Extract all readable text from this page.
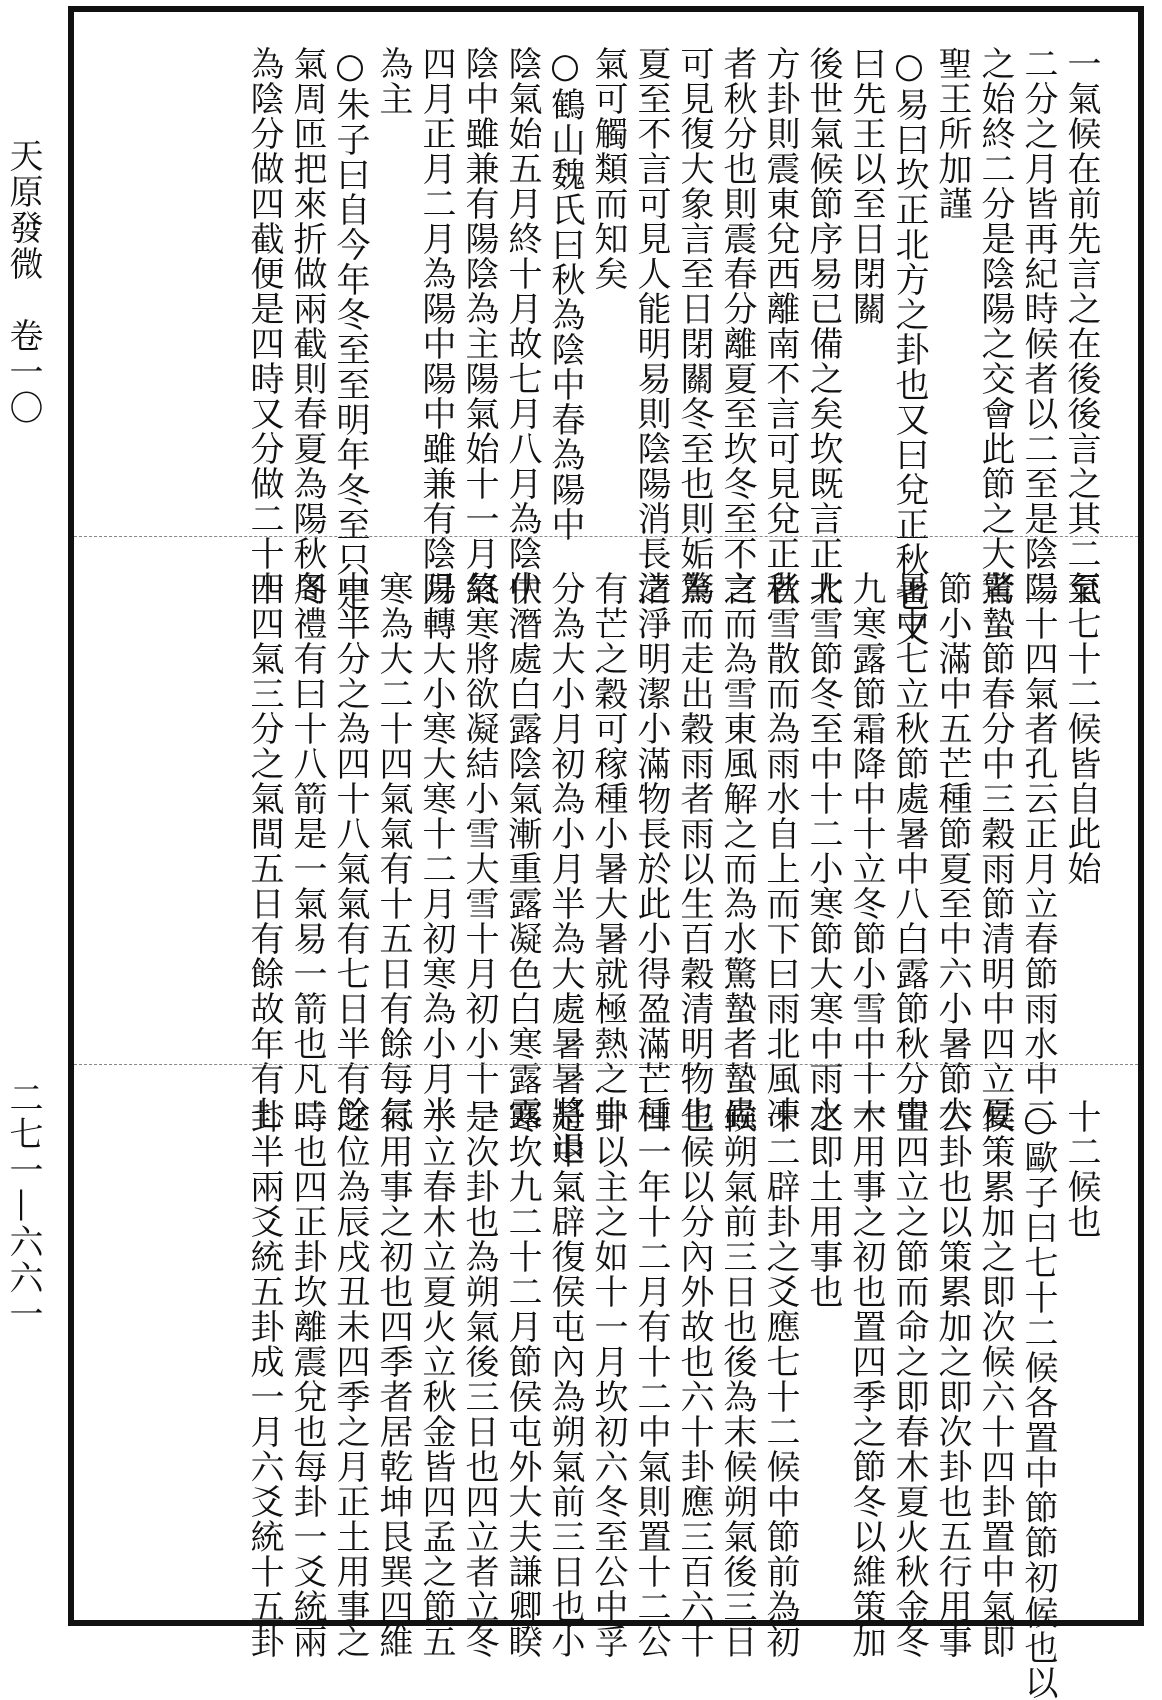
天原發微　卷一〇
二七一—六六一
一氣候在前先言之在後後言之其二至
二分之月皆再紀時候者以二至是陰陽
之始終二分是陰陽之交會此節之大者
聖王所加謹
○易曰坎正北方之卦也又曰兌正秋也又
曰先王以至日閉關
後世氣候節序易已備之矣坎既言正北
方卦則震東兌西離南不言可見兌正秋
者秋分也則震春分離夏至坎冬至不言
可見復大象言至日閉關冬至也則姤為
夏至不言可見人能明易則陰陽消長之
氣可觸類而知矣
○鶴山魏氏曰秋為陰中春為陽中
陰氣始五月終十月故七月八月為陰中
陰中雖兼有陽陰為主陽氣始十一月終
四月正月二月為陽中陽中雖兼有陰陽
為主
○朱子曰自今年冬至至明年冬至只是一
氣周匝把來折做兩截則春夏為陽秋冬
為陰分做四截便是四時又分做二十四
氣七十二候皆自此始
二十四氣者孔云正月立春節雨水中二
驚蟄節春分中三穀雨節清明中四立夏
節小滿中五芒種節夏至中六小暑節大
暑中七立秋節處暑中八白露節秋分中
九寒露節霜降中十立冬節小雪中十一
大雪節冬至中十二小寒節大寒中雨水
者雪散而為雨水自上而下曰雨北風凍
之而為雪東風解之而為水驚蟄者蟄蟲
驚而走出穀雨者雨以生百穀清明物生
清淨明潔小滿物長於此小得盈滿芒種
有芒之穀可稼種小暑大暑就極熱之中
分為大小月初為小月半為大處暑暑將退
伏潛處白露陰氣漸重露凝色白寒露露
氣寒將欲凝結小雪大雪十月初小十一
月轉大小寒大寒十二月初寒為小月半
寒為大二十四氣氣有十五日有餘每氣
中半分之為四十八氣氣有七日半有餘
周禮有曰十八箭是一氣易一箭也凡二
十四氣三分之氣間五日有餘故年有七
十二候也
○歐子曰七十二候各置中節節初候也以
候策累加之即次候六十四卦置中氣即
公卦也以策累加之即次卦也五行用事
置四立之節而命之即春木夏火秋金冬
木用事之初也置四季之節冬以維策加
之即土用事也
十二辟卦之爻應七十二候中節前為初
候朔氣前三日也後為末候朔氣後三日
也候以分內外故也六十卦應三百六十
日一年十二月有十二中氣則置十二公
卦以主之如十一月坎初六冬至公中孚
是中氣辟復侯屯內為朔氣前三日也小
寒坎九二十二月節侯屯外大夫謙卿睽
是次卦也為朔氣後三日也四立者立冬
水立春木立夏火立秋金皆四孟之節五
行用事之初也四季者居乾坤艮巽四維
之位為辰戌丑未四季之月正土用事之
時也四正卦坎離震兌也每卦一爻統兩
卦半兩爻統五卦成一月六爻統十五卦
